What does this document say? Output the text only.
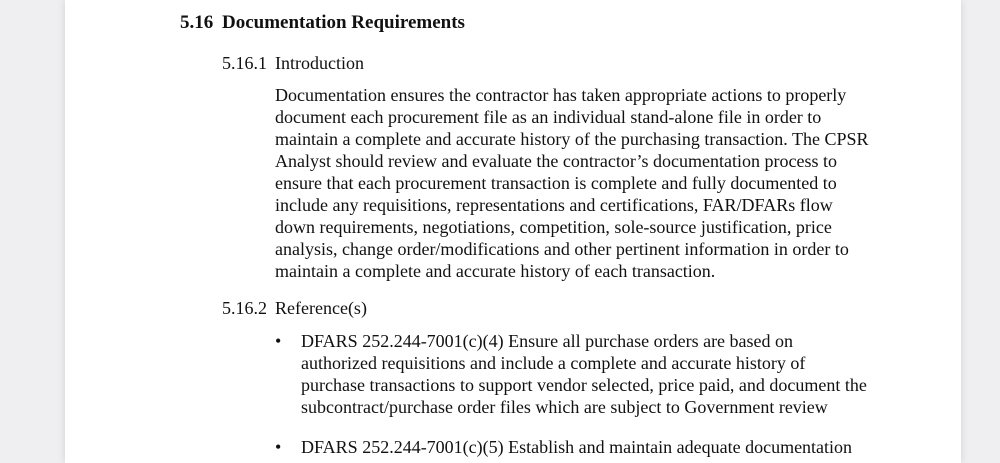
5.16 Documentation Requirements
5.16.1 Introduction
Documentation ensures the contractor has taken appropriate actions to properly
document each procurement file as an individual stand-alone file in order to
maintain a complete and accurate history of the purchasing transaction. The CPSR
Analyst should review and evaluate the contractor’s documentation process to
ensure that each procurement transaction is complete and fully documented to
include any requisitions, representations and certifications, FAR/DFARs flow
down requirements, negotiations, competition, sole-source justification, price
analysis, change order/modifications and other pertinent information in order to
maintain a complete and accurate history of each transaction.
5.16.2 Reference(s)
•	DFARS 252.244-7001(c)(4) Ensure all purchase orders are based on
authorized requisitions and include a complete and accurate history of
purchase transactions to support vendor selected, price paid, and document the
subcontract/purchase order files which are subject to Government review
•	DFARS 252.244-7001(c)(5) Establish and maintain adequate documentation
